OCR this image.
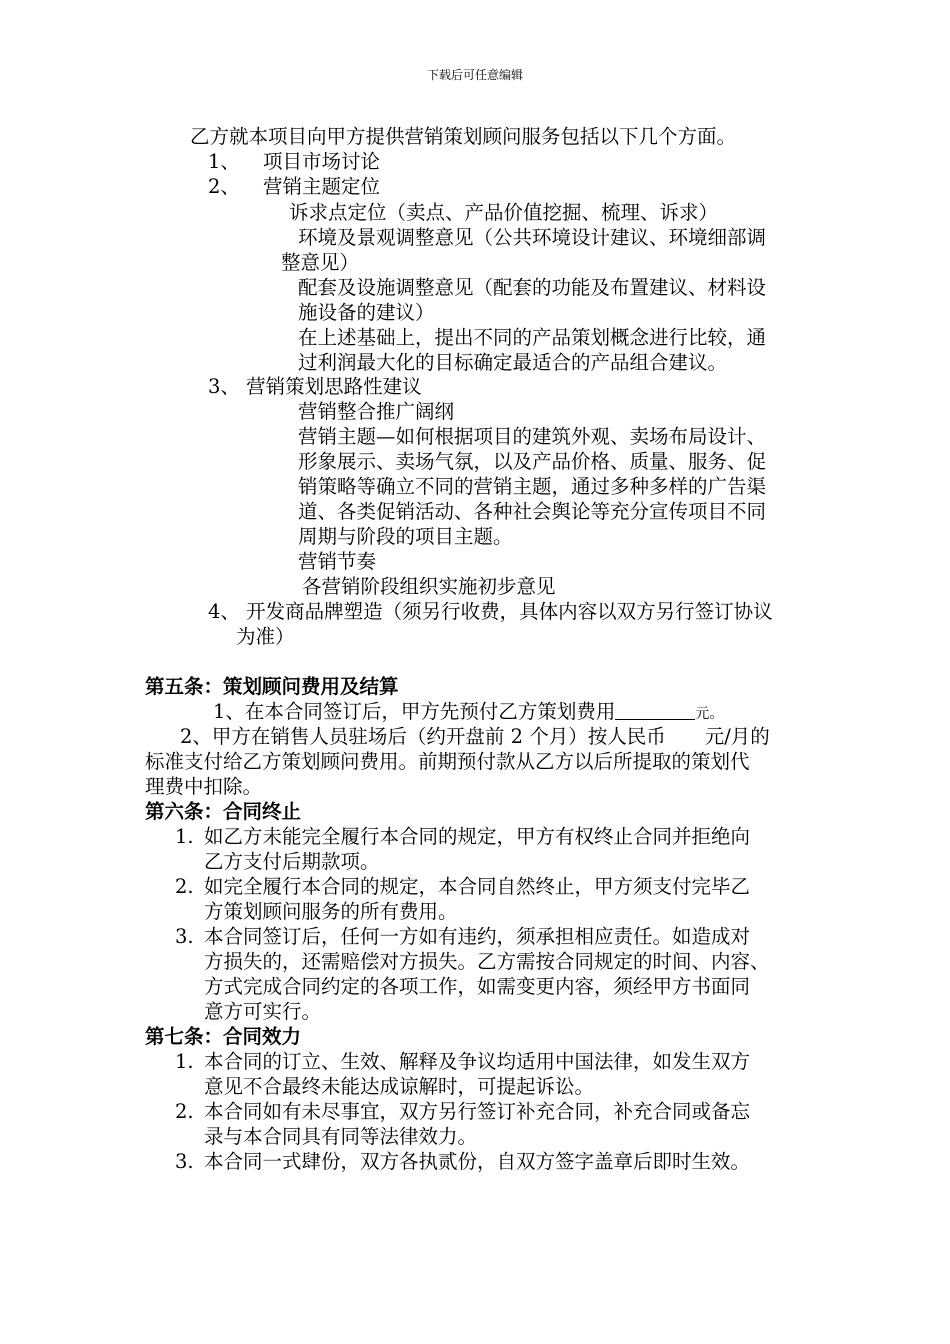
下载后可任意编辑
乙方就本项目向甲方提供营销策划顾问服务包括以下几个方面。
1、 项目市场讨论
2、 营销主题定位
诉求点定位（卖点、产品价值挖掘、梳理、诉求）
环境及景观调整意见（公共环境设计建议、环境细部调
整意见）
配套及设施调整意见（配套的功能及布置建议、材料设
施设备的建议）
在上述基础上，提出不同的产品策划概念进行比较，通
过利润最大化的目标确定最适合的产品组合建议。
3、 营销策划思路性建议
营销整合推广阔纲
营销主题—如何根据项目的建筑外观、卖场布局设计、
形象展示、卖场气氛，以及产品价格、质量、服务、促
销策略等确立不同的营销主题，通过多种多样的广告渠
道、各类促销活动、各种社会舆论等充分宣传项目不同
周期与阶段的项目主题。
营销节奏
各营销阶段组织实施初步意见
4、 开发商品牌塑造（须另行收费，具体内容以双方另行签订协议
为准）
第五条：策划顾问费用及结算
1、在本合同签订后，甲方先预付乙方策划费用	元。
2、甲方在销售人员驻场后（约开盘前 2 个月）按人民币　　元/月的
标准支付给乙方策划顾问费用。前期预付款从乙方以后所提取的策划代
理费中扣除。
第六条：合同终止
1. 如乙方未能完全履行本合同的规定，甲方有权终止合同并拒绝向
乙方支付后期款项。
2. 如完全履行本合同的规定，本合同自然终止，甲方须支付完毕乙
方策划顾问服务的所有费用。
3. 本合同签订后，任何一方如有违约，须承担相应责任。如造成对
方损失的，还需赔偿对方损失。乙方需按合同规定的时间、内容、
方式完成合同约定的各项工作，如需变更内容，须经甲方书面同
意方可实行。
第七条：合同效力
1. 本合同的订立、生效、解释及争议均适用中国法律，如发生双方
意见不合最终未能达成谅解时，可提起诉讼。
2. 本合同如有未尽事宜，双方另行签订补充合同，补充合同或备忘
录与本合同具有同等法律效力。
3. 本合同一式肆份，双方各执贰份，自双方签字盖章后即时生效。
